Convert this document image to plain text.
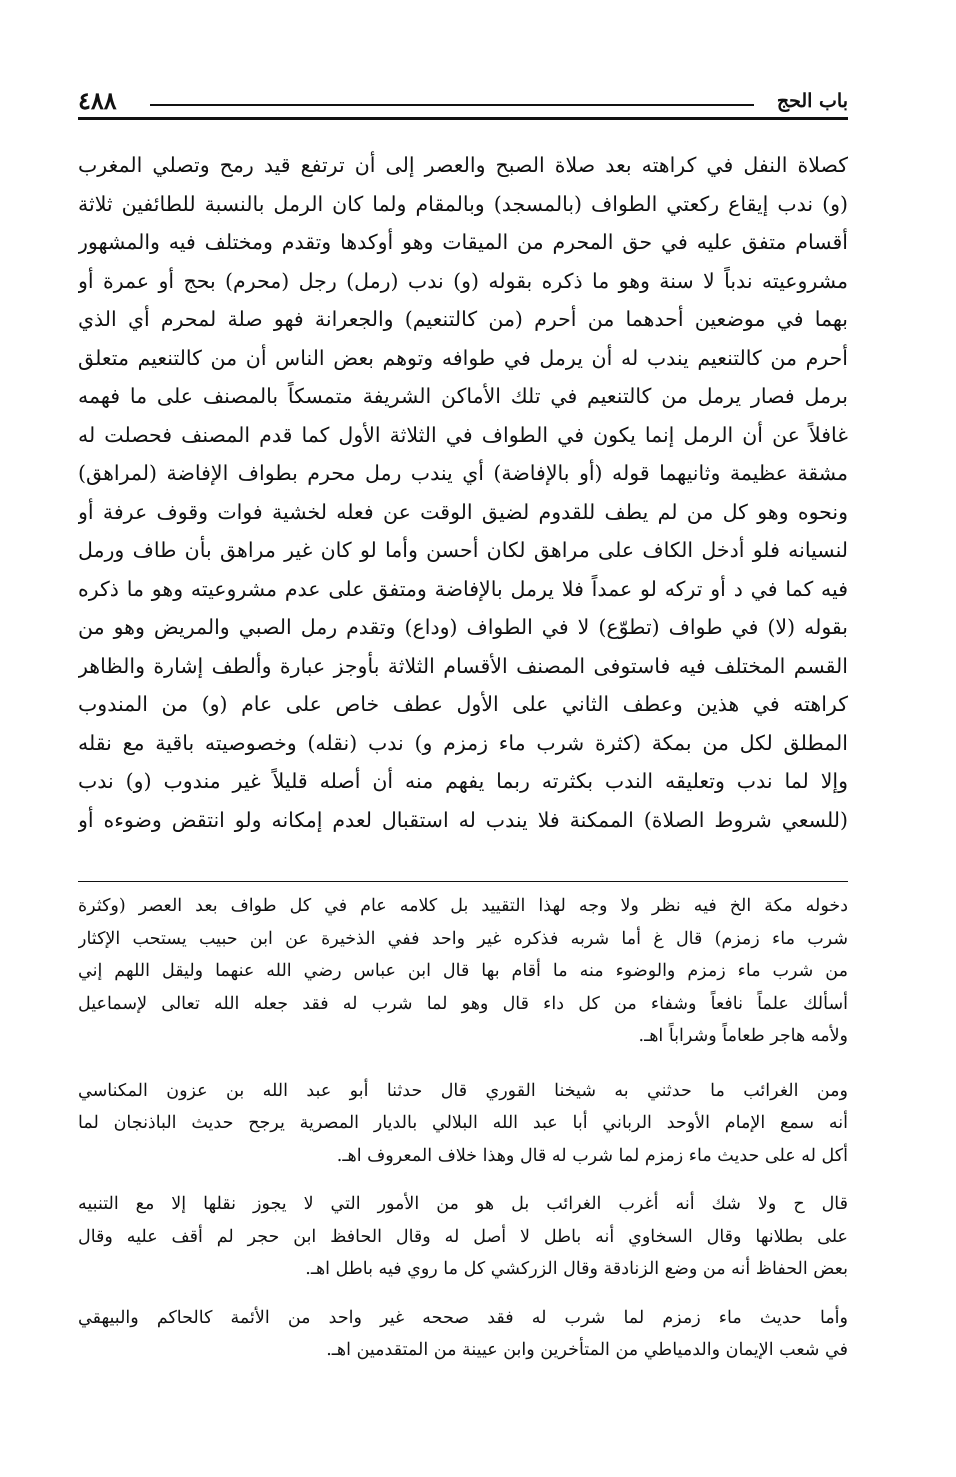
باب الحج
٤٨٨
كصلاة النفل في كراهته بعد صلاة الصبح والعصر إلى أن ترتفع قيد رمح وتصلي المغرب
(و) ندب إيقاع ركعتي الطواف (بالمسجد) وبالمقام ولما كان الرمل بالنسبة للطائفين ثلاثة
أقسام متفق عليه في حق المحرم من الميقات وهو أوكدها وتقدم ومختلف فيه والمشهور
مشروعيته ندباً لا سنة وهو ما ذكره بقوله (و) ندب (رمل) رجل (محرم) بحج أو عمرة أو
بهما في موضعين أحدهما من أحرم (من كالتنعيم) والجعرانة فهو صلة لمحرم أي الذي
أحرم من كالتنعيم يندب له أن يرمل في طوافه وتوهم بعض الناس أن من كالتنعيم متعلق
برمل فصار يرمل من كالتنعيم في تلك الأماكن الشريفة متمسكاً بالمصنف على ما فهمه
غافلاً عن أن الرمل إنما يكون في الطواف في الثلاثة الأول كما قدم المصنف فحصلت له
مشقة عظيمة وثانيهما قوله (أو بالإفاضة) أي يندب رمل محرم بطواف الإفاضة (لمراهق)
ونحوه وهو كل من لم يطف للقدوم لضيق الوقت عن فعله لخشية فوات وقوف عرفة أو
لنسيانه فلو أدخل الكاف على مراهق لكان أحسن وأما لو كان غير مراهق بأن طاف ورمل
فيه كما في د أو تركه لو عمداً فلا يرمل بالإفاضة ومتفق على عدم مشروعيته وهو ما ذكره
بقوله (لا) في طواف (تطوّع) لا في الطواف (وداع) وتقدم رمل الصبي والمريض وهو من
القسم المختلف فيه فاستوفى المصنف الأقسام الثلاثة بأوجز عبارة وألطف إشارة والظاهر
كراهته في هذين وعطف الثاني على الأول عطف خاص على عام (و) من المندوب
المطلق لكل من بمكة (كثرة شرب ماء زمزم و) ندب (نقله) وخصوصيته باقية مع نقله
وإلا لما ندب وتعليقه الندب بكثرته ربما يفهم منه أن أصله قليلاً غير مندوب (و) ندب
(للسعي شروط الصلاة) الممكنة فلا يندب له استقبال لعدم إمكانه ولو انتقض وضوءه أو
دخوله مكة الخ فيه نظر ولا وجه لهذا التقييد بل كلامه عام في كل طواف بعد العصر (وكثرة
شرب ماء زمزم) قال غ أما شربه فذكره غير واحد ففي الذخيرة عن ابن حبيب يستحب الإكثار
من شرب ماء زمزم والوضوء منه ما أقام بها قال ابن عباس رضي الله عنهما وليقل اللهم إني
أسألك علماً نافعاً وشفاء من كل داء قال وهو لما شرب له فقد جعله الله تعالى لإسماعيل
ولأمه هاجر طعاماً وشراباً اهـ.
ومن الغرائب ما حدثني به شيخنا القوري قال حدثنا أبو عبد الله بن عزون المكناسي
أنه سمع الإمام الأوحد الرباني أبا عبد الله البلالي بالديار المصرية يرجح حديث الباذنجان لما
أكل له على حديث ماء زمزم لما شرب له قال وهذا خلاف المعروف اهـ.
قال ح ولا شك أنه أغرب الغرائب بل هو من الأمور التي لا يجوز نقلها إلا مع التنبيه
على بطلانها وقال السخاوي أنه باطل لا أصل له وقال الحافظ ابن حجر لم أقف عليه وقال
بعض الحفاظ أنه من وضع الزنادقة وقال الزركشي كل ما روي فيه باطل اهـ.
وأما حديث ماء زمزم لما شرب له فقد صححه غير واحد من الأئمة كالحاكم والبيهقي
في شعب الإيمان والدمياطي من المتأخرين وابن عيينة من المتقدمين اهـ.
